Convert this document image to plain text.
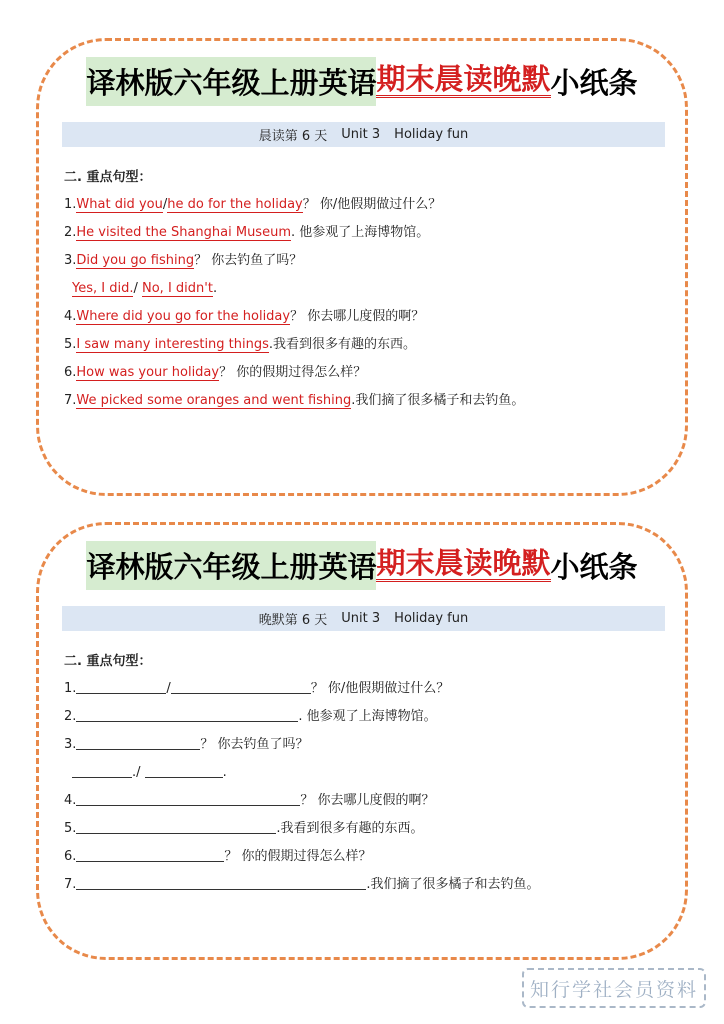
译林版六年级上册英语 期末晨读晚默 小纸条
晨读第 6 天 Unit 3 Holiday fun
二. 重点句型：
1.What did you/he do for the holiday？ 你/他假期做过什么？
2.He visited the Shanghai Museum. 他参观了上海博物馆。
3.Did you go fishing？ 你去钓鱼了吗？
Yes, I did./ No, I didn't.
4.Where did you go for the holiday？ 你去哪儿度假的啊？
5.I saw many interesting things.我看到很多有趣的东西。
6.How was your holiday？ 你的假期过得怎么样？
7.We picked some oranges and went fishing.我们摘了很多橘子和去钓鱼。
译林版六年级上册英语 期末晨读晚默 小纸条
晚默第 6 天 Unit 3 Holiday fun
二. 重点句型：
1.	/	？ 你/他假期做过什么？
2.	. 他参观了上海博物馆。
3.	？ 你去钓鱼了吗？
./	.
4.	？ 你去哪儿度假的啊？
5.	.我看到很多有趣的东西。
6.	？ 你的假期过得怎么样？
7.	.我们摘了很多橘子和去钓鱼。
知行学社会员资料
